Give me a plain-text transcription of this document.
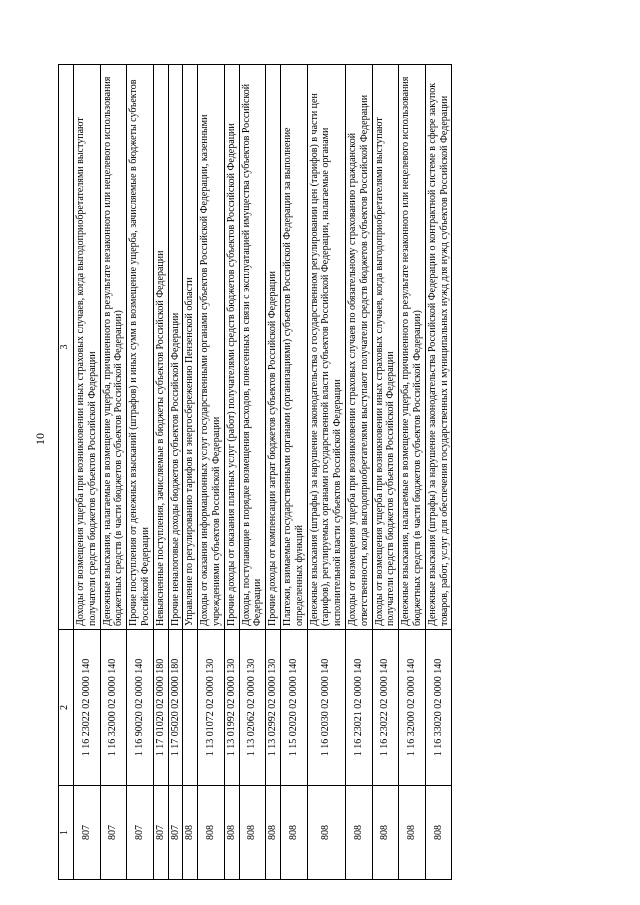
10
1	2	3
807	1 16 23022 02 0000 140	Доходы от возмещения ущерба при возникновении иных страховых случаев, когда выгодоприобретателями выступают получатели средств бюджетов субъектов Российской Федерации
807	1 16 32000 02 0000 140	Денежные взыскания, налагаемые в возмещение ущерба, причиненного в результате незаконного или нецелевого использования бюджетных средств (в части бюджетов субъектов Российской Федерации)
807	1 16 90020 02 0000 140	Прочие поступления от денежных взысканий (штрафов) и иных сумм в возмещение ущерба, зачисляемые в бюджеты субъектов Российской Федерации
807	1 17 01020 02 0000 180	Невыясненные поступления, зачисляемые в бюджеты субъектов Российской Федерации
807	1 17 05020 02 0000 180	Прочие неналоговые доходы бюджетов субъектов Российской Федерации
808		Управление по регулированию тарифов и энергосбережению Пензенской области
808	1 13 01072 02 0000 130	Доходы от оказания информационных услуг государственными органами субъектов Российской Федерации, казенными учреждениями субъектов Российской Федерации
808	1 13 01992 02 0000 130	Прочие доходы от оказания платных услуг (работ) получателями средств бюджетов субъектов Российской Федерации
808	1 13 02062 02 0000 130	Доходы, поступающие в порядке возмещения расходов, понесенных в связи с эксплуатацией имущества субъектов Российской Федерации
808	1 13 02992 02 0000 130	Прочие доходы от компенсации затрат бюджетов субъектов Российской Федерации
808	1 15 02020 02 0000 140	Платежи, взимаемые государственными органами (организациями) субъектов Российской Федерации за выполнение определенных функций
808	1 16 02030 02 0000 140	Денежные взыскания (штрафы) за нарушение законодательства о государственном регулировании цен (тарифов) в части цен (тарифов), регулируемых органами государственной власти субъектов Российской Федерации, налагаемые органами исполнительной власти субъектов Российской Федерации
808	1 16 23021 02 0000 140	Доходы от возмещения ущерба при возникновении страховых случаев по обязательному страхованию гражданской ответственности, когда выгодоприобретателями выступают получатели средств бюджетов субъектов Российской Федерации
808	1 16 23022 02 0000 140	Доходы от возмещения ущерба при возникновении иных страховых случаев, когда выгодоприобретателями выступают получатели средств бюджетов субъектов Российской Федерации
808	1 16 32000 02 0000 140	Денежные взыскания, налагаемые в возмещение ущерба, причиненного в результате незаконного или нецелевого использования бюджетных средств (в части бюджетов субъектов Российской Федерации)
808	1 16 33020 02 0000 140	Денежные взыскания (штрафы) за нарушение законодательства Российской Федерации о контрактной системе в сфере закупок товаров, работ, услуг для обеспечения государственных и муниципальных нужд для нужд субъектов Российской Федерации
